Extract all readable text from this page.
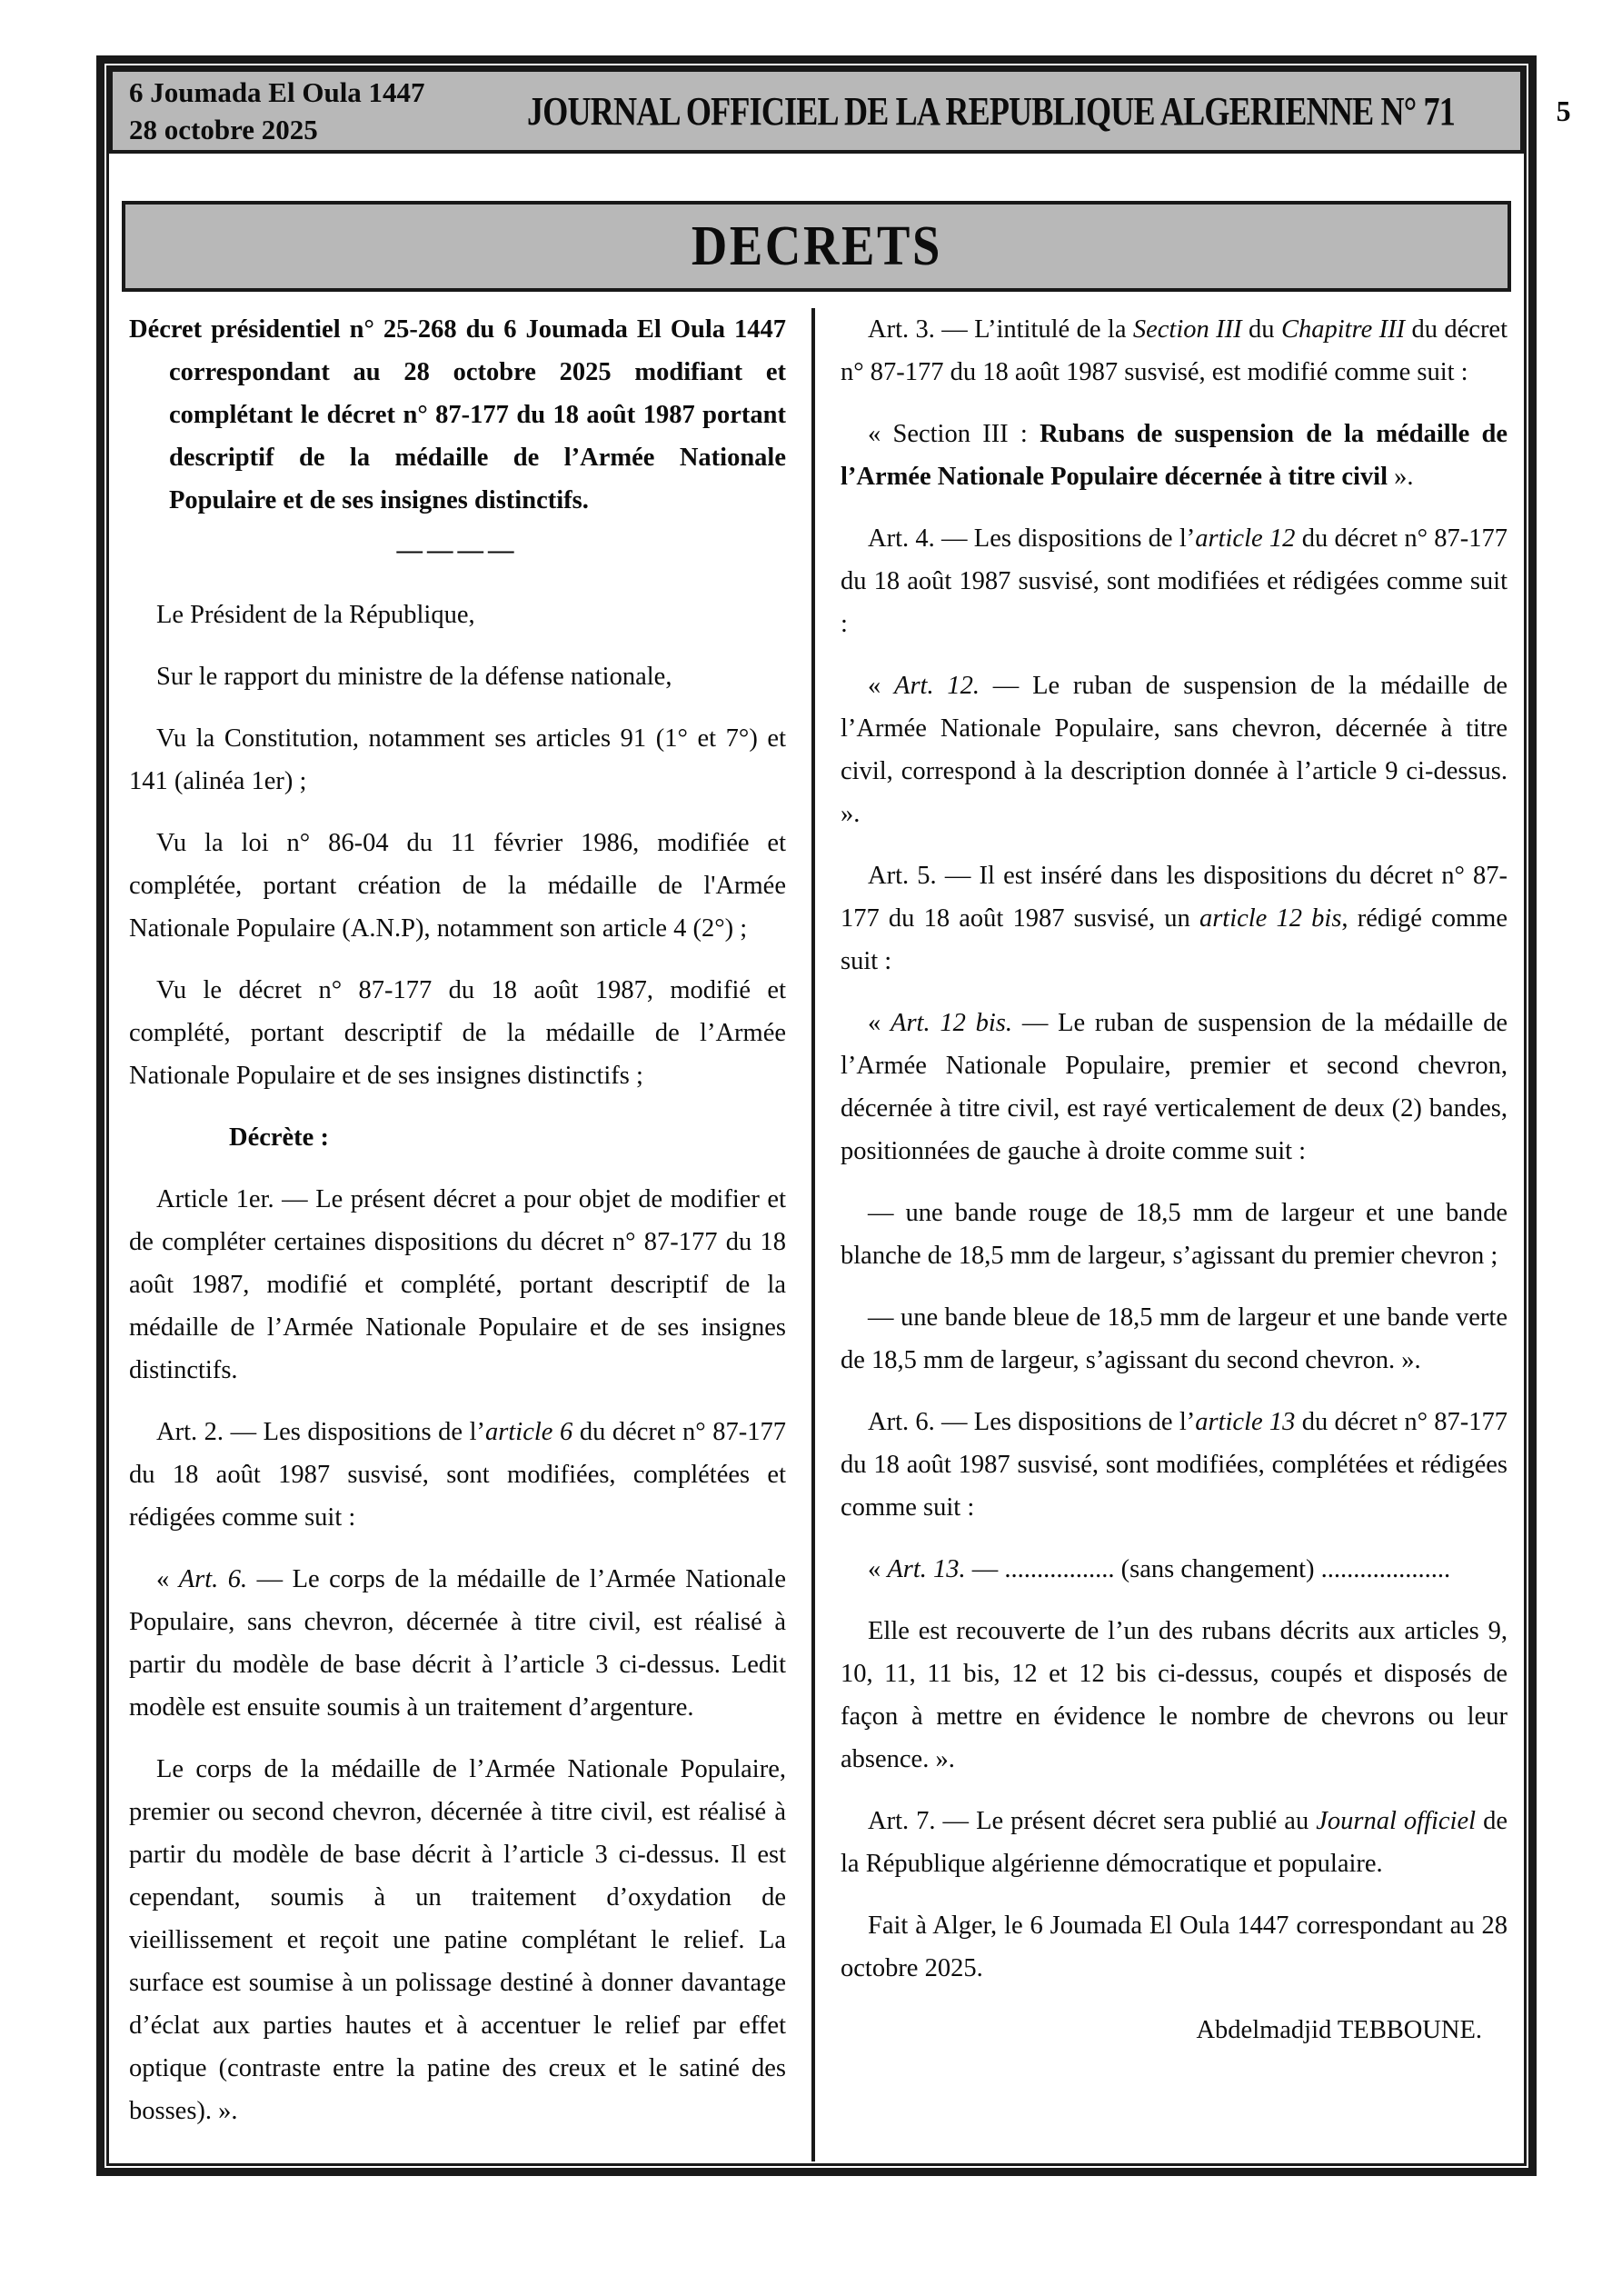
6 Joumada El Oula 1447
28 octobre 2025	JOURNAL OFFICIEL DE LA REPUBLIQUE ALGERIENNE N° 71	5
DECRETS

Décret présidentiel n° 25-268 du 6 Joumada El Oula 1447 correspondant au 28 octobre 2025 modifiant et complétant le décret n° 87-177 du 18 août 1987 portant descriptif de la médaille de l’Armée Nationale Populaire et de ses insignes distinctifs.

————

Le Président de la République,

Sur le rapport du ministre de la défense nationale,

Vu la Constitution, notamment ses articles 91 (1° et 7°) et 141 (alinéa 1er) ;

Vu la loi n° 86-04 du 11 février 1986, modifiée et complétée, portant création de la médaille de l'Armée Nationale Populaire (A.N.P), notamment son article 4 (2°) ;

Vu le décret n° 87-177 du 18 août 1987, modifié et complété, portant descriptif de la médaille de l’Armée Nationale Populaire et de ses insignes distinctifs ;

Décrète :

Article 1er. — Le présent décret a pour objet de modifier et de compléter certaines dispositions du décret n° 87-177 du 18 août 1987, modifié et complété, portant descriptif de la médaille de l’Armée Nationale Populaire et de ses insignes distinctifs.

Art. 2. — Les dispositions de l’article 6 du décret n° 87-177 du 18 août 1987 susvisé, sont modifiées, complétées et rédigées comme suit :

« Art. 6. — Le corps de la médaille de l’Armée Nationale Populaire, sans chevron, décernée à titre civil, est réalisé à partir du modèle de base décrit à l’article 3 ci-dessus. Ledit modèle est ensuite soumis à un traitement d’argenture.

Le corps de la médaille de l’Armée Nationale Populaire, premier ou second chevron, décernée à titre civil, est réalisé à partir du modèle de base décrit à l’article 3 ci-dessus. Il est cependant, soumis à un traitement d’oxydation de vieillissement et reçoit une patine complétant le relief. La surface est soumise à un polissage destiné à donner davantage d’éclat aux parties hautes et à accentuer le relief par effet optique (contraste entre la patine des creux et le satiné des bosses). ».

Art. 3. — L’intitulé de la Section III du Chapitre III du décret n° 87-177 du 18 août 1987 susvisé, est modifié comme suit :

« Section III : Rubans de suspension de la médaille de l’Armée Nationale Populaire décernée à titre civil ».

Art. 4. — Les dispositions de l’article 12 du décret n° 87-177 du 18 août 1987 susvisé, sont modifiées et rédigées comme suit :

« Art. 12. — Le ruban de suspension de la médaille de l’Armée Nationale Populaire, sans chevron, décernée à titre civil, correspond à la description donnée à l’article 9 ci-dessus. ».

Art. 5. — Il est inséré dans les dispositions du décret n° 87-177 du 18 août 1987 susvisé, un article 12 bis, rédigé comme suit :

« Art. 12 bis. — Le ruban de suspension de la médaille de l’Armée Nationale Populaire, premier et second chevron, décernée à titre civil, est rayé verticalement de deux (2) bandes, positionnées de gauche à droite comme suit :

— une bande rouge de 18,5 mm de largeur et une bande blanche de 18,5 mm de largeur, s’agissant du premier chevron ;

— une bande bleue de 18,5 mm de largeur et une bande verte de 18,5 mm de largeur, s’agissant du second chevron. ».

Art. 6. — Les dispositions de l’article 13 du décret n° 87-177 du 18 août 1987 susvisé, sont modifiées, complétées et rédigées comme suit :

« Art. 13. — ................. (sans changement) ....................

Elle est recouverte de l’un des rubans décrits aux articles 9, 10, 11, 11 bis, 12 et 12 bis ci-dessus, coupés et disposés de façon à mettre en évidence le nombre de chevrons ou leur absence. ».

Art. 7. — Le présent décret sera publié au Journal officiel de la République algérienne démocratique et populaire.

Fait à Alger, le 6 Joumada El Oula 1447 correspondant au 28 octobre 2025.

Abdelmadjid TEBBOUNE.
